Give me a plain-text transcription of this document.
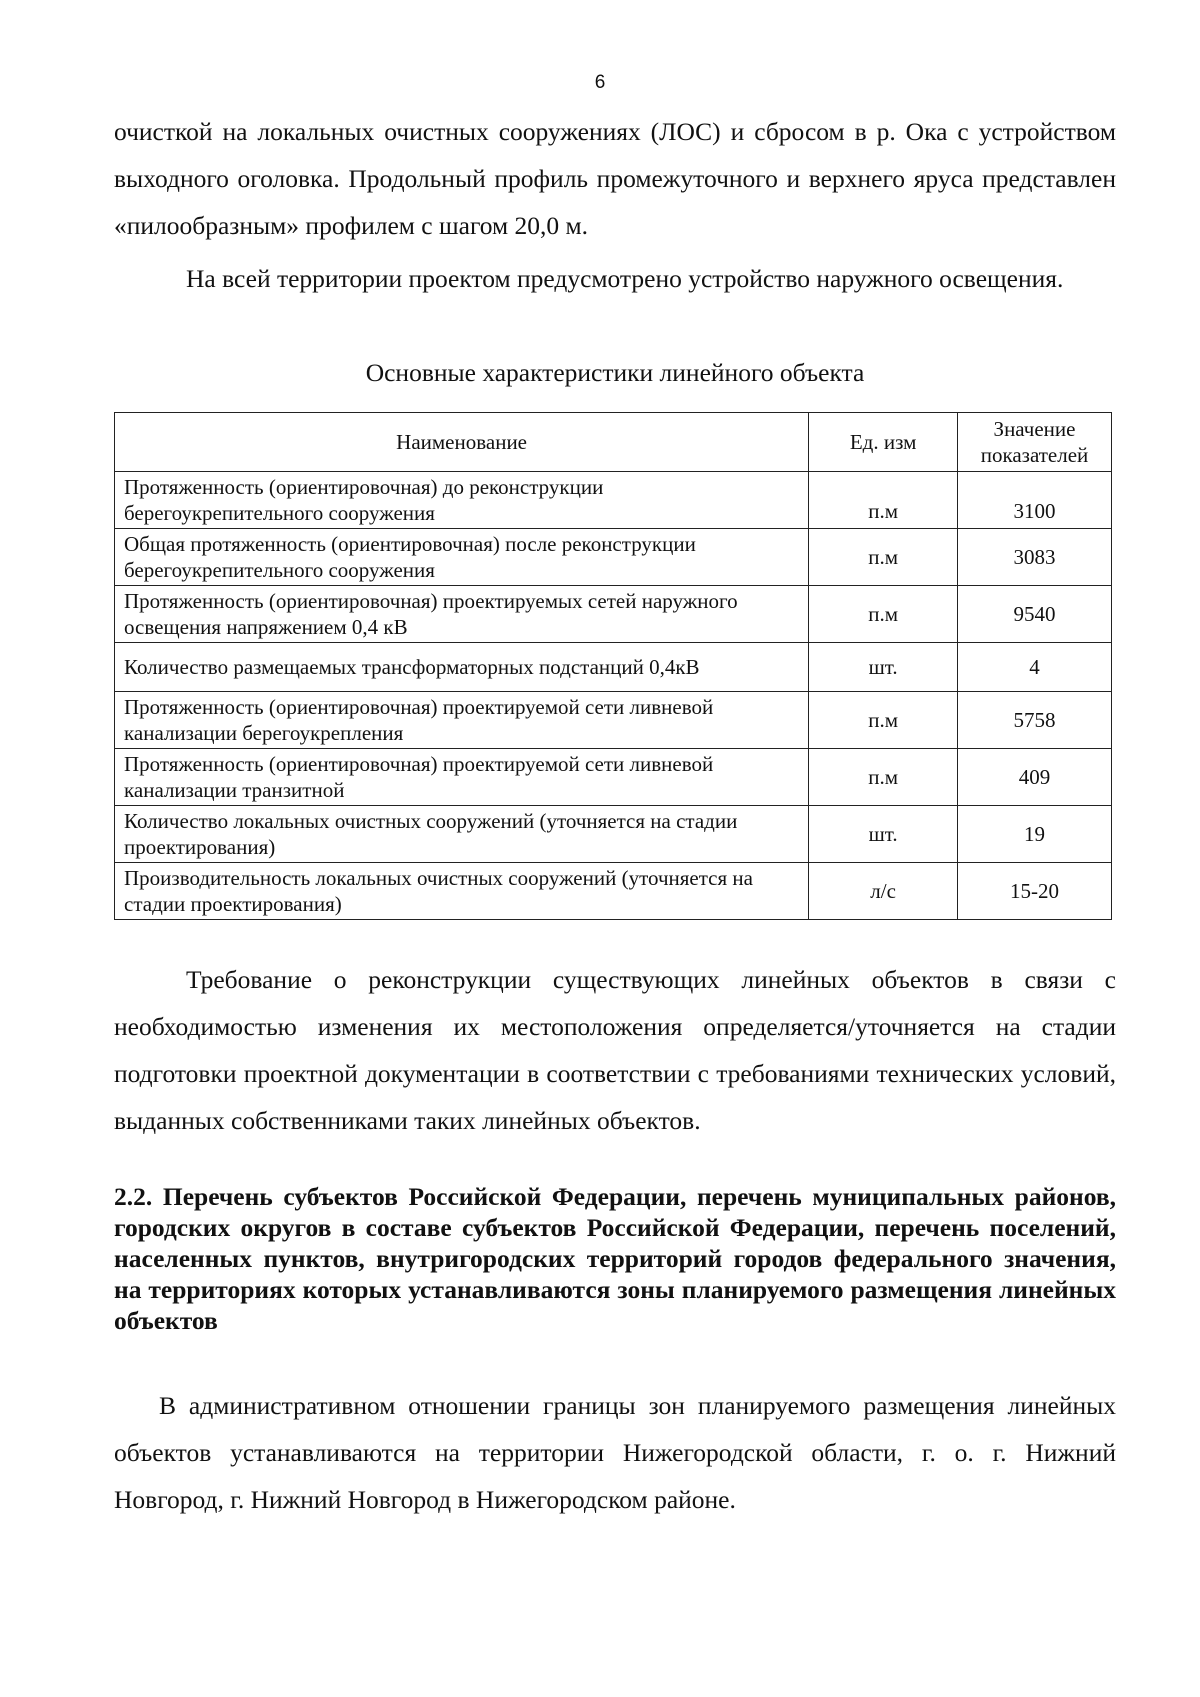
6

очисткой на локальных очистных сооружениях (ЛОС) и сбросом в р. Ока с устройством выходного оголовка. Продольный профиль промежуточного и верхнего яруса представлен «пилообразным» профилем с шагом 20,0 м.

На всей территории проектом предусмотрено устройство наружного освещения.

Основные характеристики линейного объекта
Наименование	Ед. изм	Значение показателей
Протяженность (ориентировочная) до реконструкции берегоукрепительного сооружения	п.м	3100
Общая протяженность (ориентировочная) после реконструкции берегоукрепительного сооружения	п.м	3083
Протяженность (ориентировочная) проектируемых сетей наружного освещения напряжением 0,4 кВ	п.м	9540
Количество размещаемых трансформаторных подстанций 0,4кВ	шт.	4
Протяженность (ориентировочная) проектируемой сети ливневой канализации берегоукрепления	п.м	5758
Протяженность (ориентировочная) проектируемой сети ливневой канализации транзитной	п.м	409
Количество локальных очистных сооружений (уточняется на стадии проектирования)	шт.	19
Производительность локальных очистных сооружений (уточняется на стадии проектирования)	л/с	15-20

Требование о реконструкции существующих линейных объектов в связи с необходимостью изменения их местоположения определяется/уточняется на стадии подготовки проектной документации в соответствии с требованиями технических условий, выданных собственниками таких линейных объектов.

2.2. Перечень субъектов Российской Федерации, перечень муниципальных районов, городских округов в составе субъектов Российской Федерации, перечень поселений, населенных пунктов, внутригородских территорий городов федерального значения, на территориях которых устанавливаются зоны планируемого размещения линейных объектов

В административном отношении границы зон планируемого размещения линейных объектов устанавливаются на территории Нижегородской области, г. о. г. Нижний Новгород, г. Нижний Новгород в Нижегородском районе.
